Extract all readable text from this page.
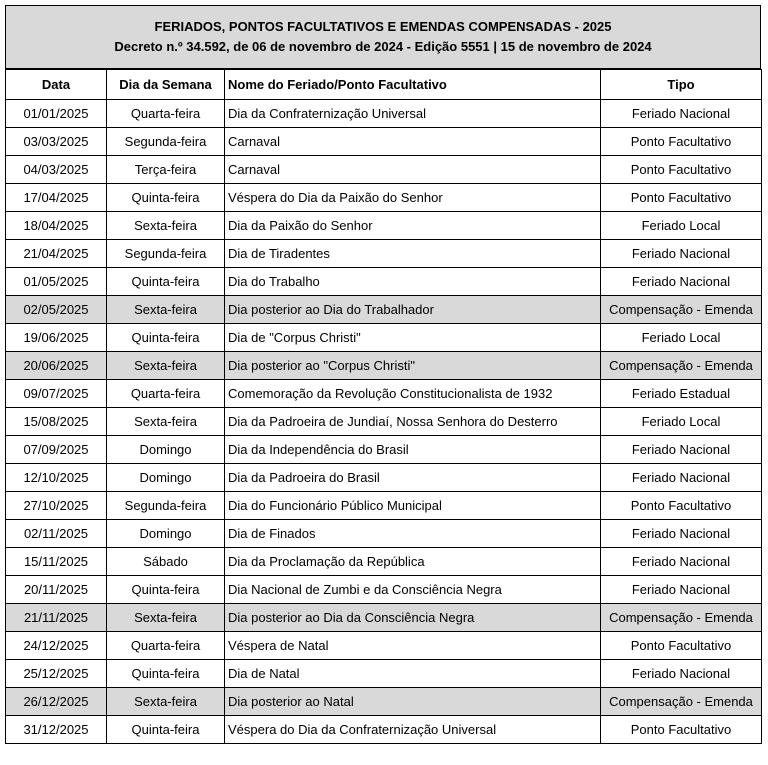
FERIADOS, PONTOS FACULTATIVOS E EMENDAS COMPENSADAS - 2025
Decreto n.º 34.592, de 06 de novembro de 2024 - Edição 5551 | 15 de novembro de 2024
Data	Dia da Semana	Nome do Feriado/Ponto Facultativo	Tipo
01/01/2025	Quarta-feira	Dia da Confraternização Universal	Feriado Nacional
03/03/2025	Segunda-feira	Carnaval	Ponto Facultativo
04/03/2025	Terça-feira	Carnaval	Ponto Facultativo
17/04/2025	Quinta-feira	Véspera do Dia da Paixão do Senhor	Ponto Facultativo
18/04/2025	Sexta-feira	Dia da Paixão do Senhor	Feriado Local
21/04/2025	Segunda-feira	Dia de Tiradentes	Feriado Nacional
01/05/2025	Quinta-feira	Dia do Trabalho	Feriado Nacional
02/05/2025	Sexta-feira	Dia posterior ao Dia do Trabalhador	Compensação - Emenda
19/06/2025	Quinta-feira	Dia de "Corpus Christi"	Feriado Local
20/06/2025	Sexta-feira	Dia posterior ao "Corpus Christi"	Compensação - Emenda
09/07/2025	Quarta-feira	Comemoração da Revolução Constitucionalista de 1932	Feriado Estadual
15/08/2025	Sexta-feira	Dia da Padroeira de Jundiaí, Nossa Senhora do Desterro	Feriado Local
07/09/2025	Domingo	Dia da Independência do Brasil	Feriado Nacional
12/10/2025	Domingo	Dia da Padroeira do Brasil	Feriado Nacional
27/10/2025	Segunda-feira	Dia do Funcionário Público Municipal	Ponto Facultativo
02/11/2025	Domingo	Dia de Finados	Feriado Nacional
15/11/2025	Sábado	Dia da Proclamação da República	Feriado Nacional
20/11/2025	Quinta-feira	Dia Nacional de Zumbi e da Consciência Negra	Feriado Nacional
21/11/2025	Sexta-feira	Dia posterior ao Dia da Consciência Negra	Compensação - Emenda
24/12/2025	Quarta-feira	Véspera de Natal	Ponto Facultativo
25/12/2025	Quinta-feira	Dia de Natal	Feriado Nacional
26/12/2025	Sexta-feira	Dia posterior ao Natal	Compensação - Emenda
31/12/2025	Quinta-feira	Véspera do Dia da Confraternização Universal	Ponto Facultativo
